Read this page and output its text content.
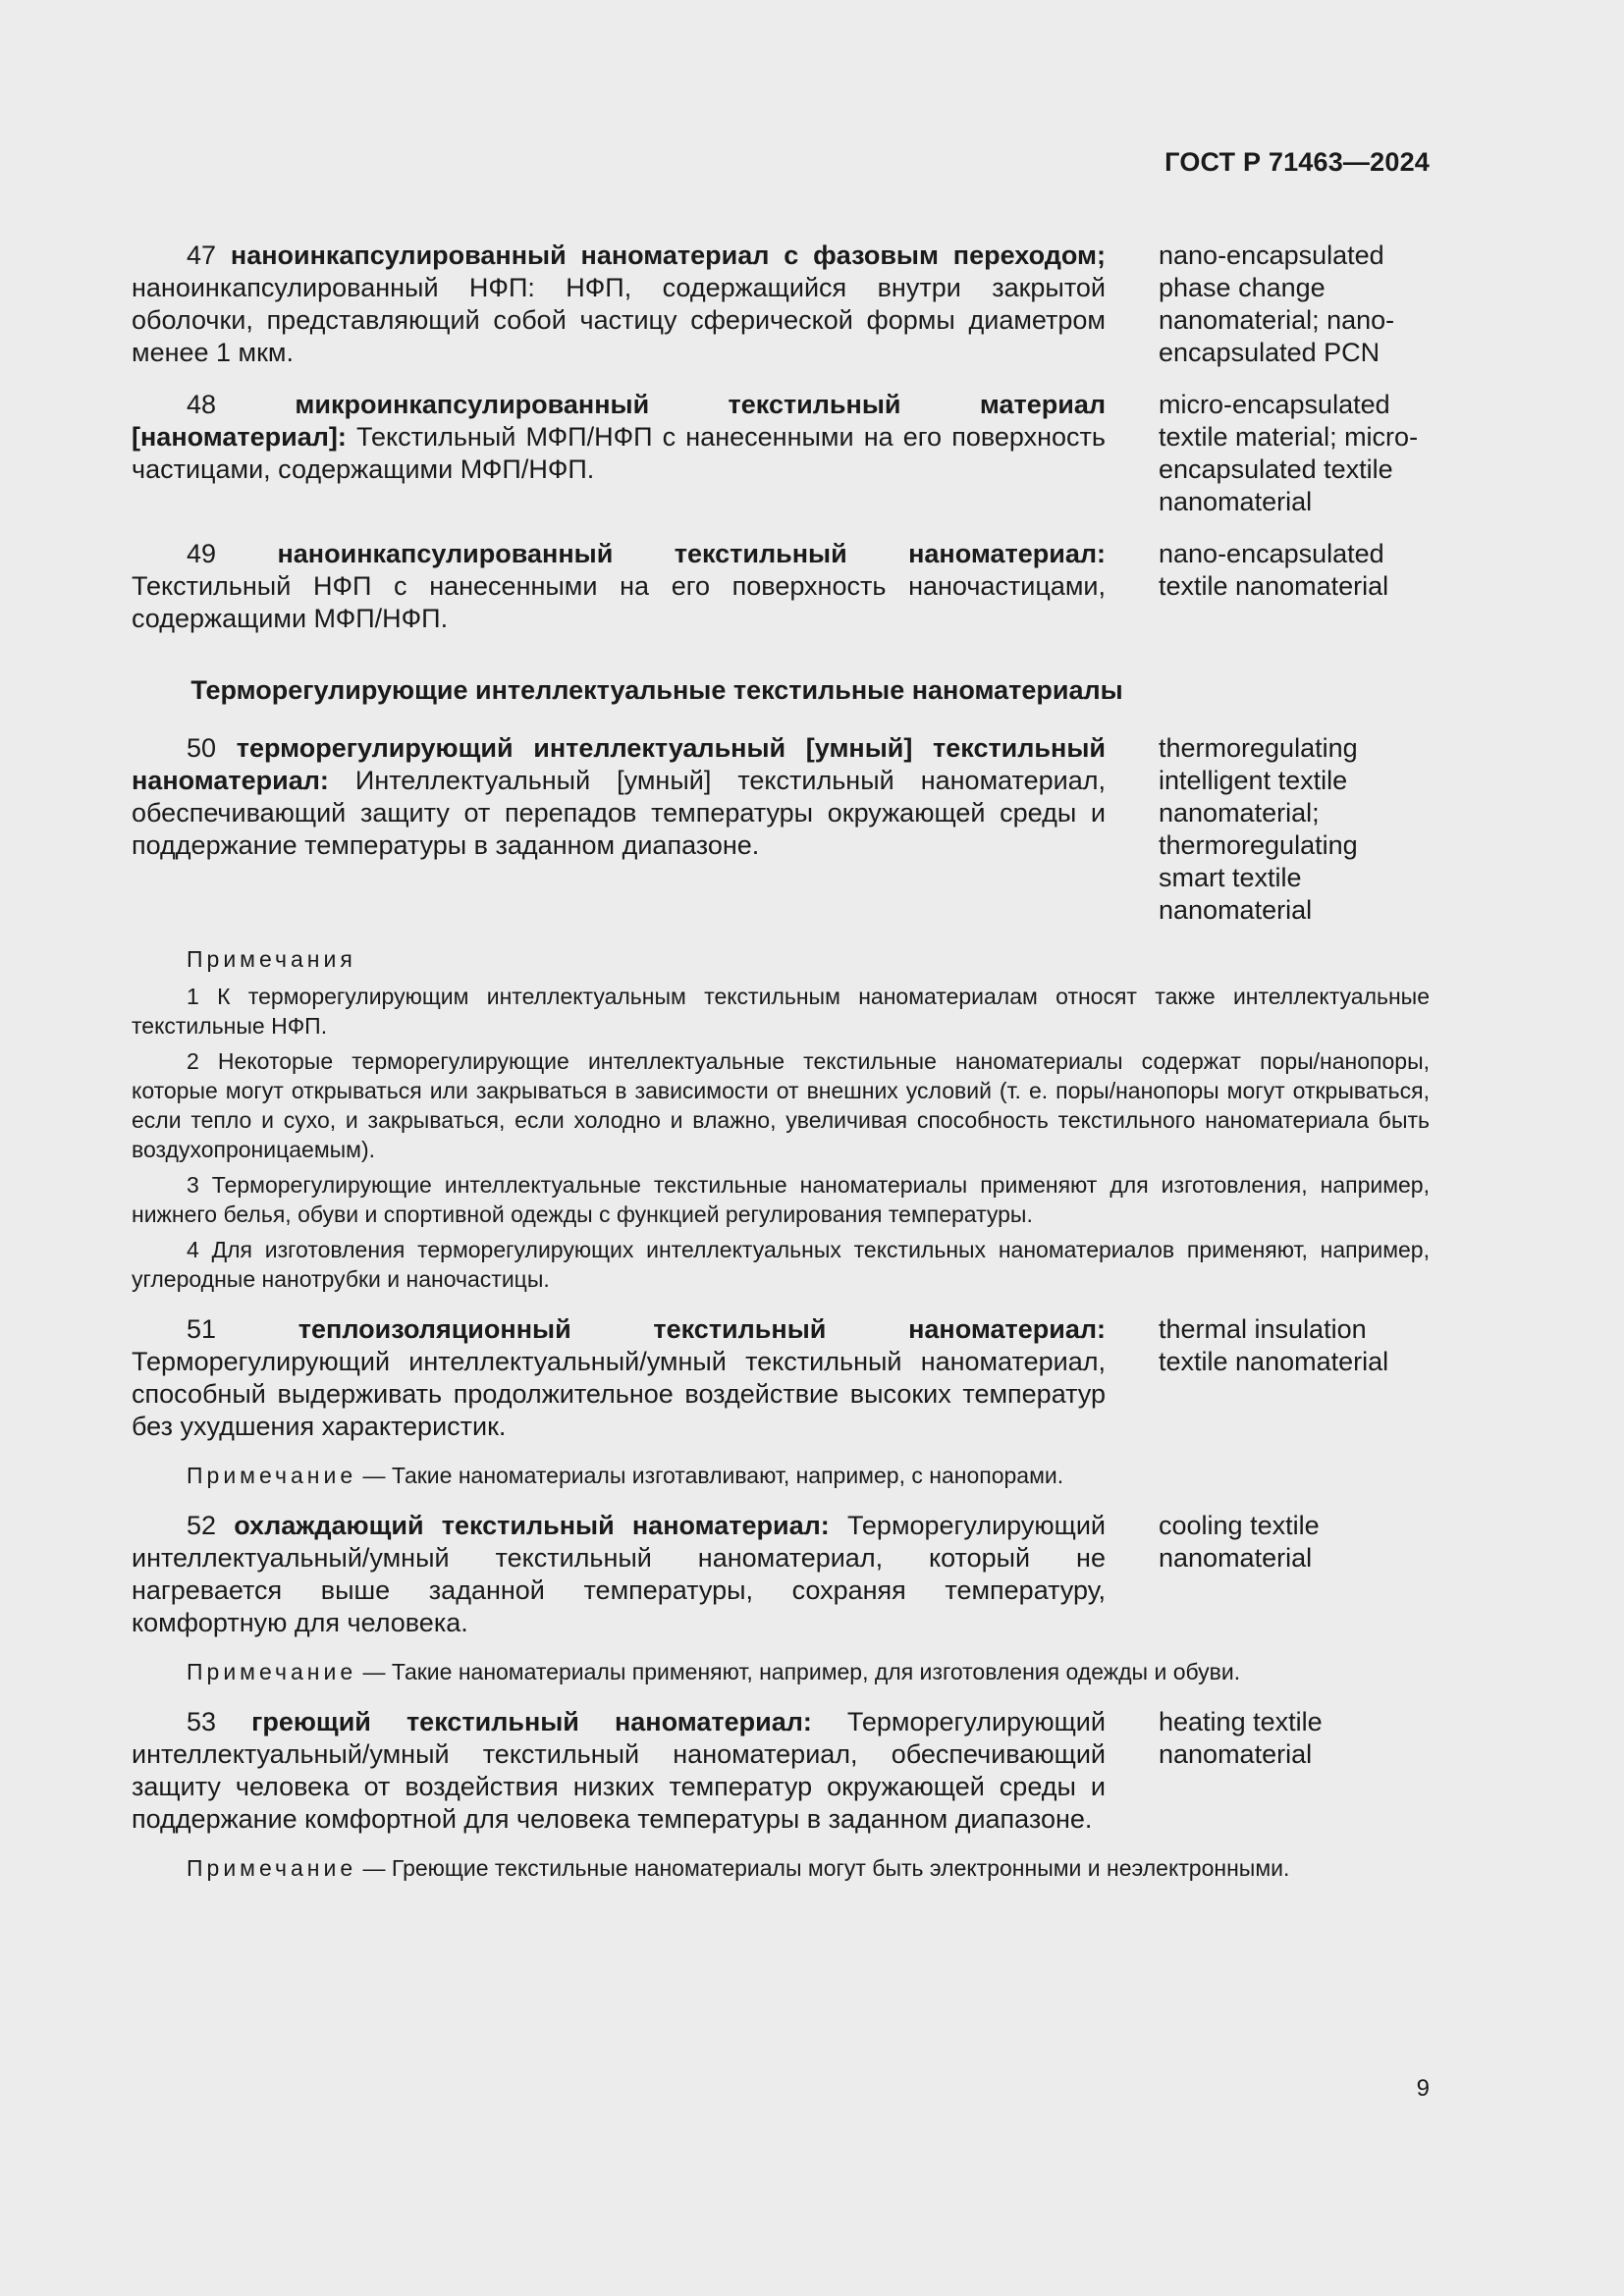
ГОСТ Р 71463—2024
47 наноинкапсулированный наноматериал с фазовым переходом; наноинкапсулированный НФП: НФП, содержащийся внутри закрытой оболочки, представляющий собой частицу сферической формы диаметром менее 1 мкм.
nano-encapsulated phase change nanomaterial; nano-encapsulated PCN
48	микроинкапсулированный текстильный материал [наноматериал]: Текстильный МФП/НФП с нанесенными на его поверхность частицами, содержащими МФП/НФП.
micro-encapsulated textile material; micro-encapsulated textile nanomaterial
49 наноинкапсулированный текстильный наноматериал: Текстильный НФП с нанесенными на его поверхность наночастицами, содержащими МФП/НФП.
nano-encapsulated textile nanomaterial
Терморегулирующие интеллектуальные текстильные наноматериалы
50 терморегулирующий интеллектуальный [умный] текстильный наноматериал: Интеллектуальный [умный] текстильный наноматериал, обеспечивающий защиту от перепадов температуры окружающей среды и поддержание температуры в заданном диапазоне.
thermoregulating intelligent textile nanomaterial; thermoregulating smart textile nanomaterial
Примечания
1 К терморегулирующим интеллектуальным текстильным наноматериалам относят также интеллектуальные текстильные НФП.
2 Некоторые терморегулирующие интеллектуальные текстильные наноматериалы содержат поры/нанопоры, которые могут открываться или закрываться в зависимости от внешних условий (т. е. поры/нанопоры могут открываться, если тепло и сухо, и закрываться, если холодно и влажно, увеличивая способность текстильного наноматериала быть воздухопроницаемым).
3 Терморегулирующие интеллектуальные текстильные наноматериалы применяют для изготовления, например, нижнего белья, обуви и спортивной одежды с функцией регулирования температуры.
4 Для изготовления терморегулирующих интеллектуальных текстильных наноматериалов применяют, например, углеродные нанотрубки и наночастицы.
51	теплоизоляционный текстильный наноматериал: Терморегулирующий интеллектуальный/умный текстильный наноматериал, способный выдерживать продолжительное воздействие высоких температур без ухудшения характеристик.
thermal insulation textile nanomaterial
Примечание — Такие наноматериалы изготавливают, например, с нанопорами.
52 охлаждающий текстильный наноматериал: Терморегулирующий интеллектуальный/умный текстильный наноматериал, который не нагревается выше заданной температуры, сохраняя температуру, комфортную для человека.
cooling textile nanomaterial
Примечание — Такие наноматериалы применяют, например, для изготовления одежды и обуви.
53 греющий текстильный наноматериал: Терморегулирующий интеллектуальный/умный текстильный наноматериал, обеспечивающий защиту человека от воздействия низких температур окружающей среды и поддержание комфортной для человека температуры в заданном диапазоне.
heating textile nanomaterial
Примечание — Греющие текстильные наноматериалы могут быть электронными и неэлектронными.
9
